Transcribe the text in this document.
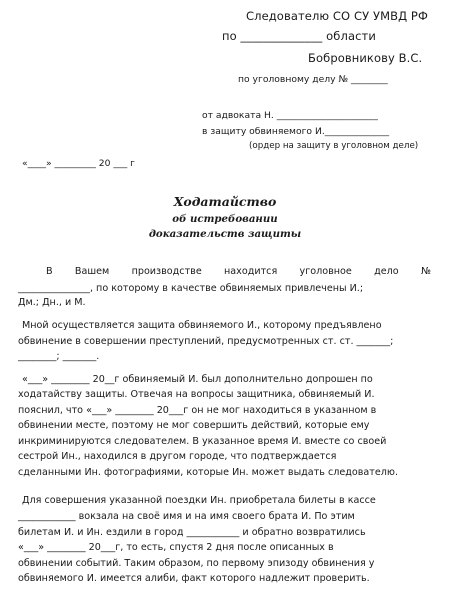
Следователю СО СУ УМВД РФ
по ______________ области
Бобровникову В.С.
по уголовному делу № ________
от адвоката Н. ______________________
в защиту обвиняемого И.______________
(ордер на защиту в уголовном деле)
«____» _________ 20 ___ г
Ходатайство
об истребовании
доказательств защиты
В Вашем производстве находится уголовное дело №
_______________, по которому в качестве обвиняемых привлечены И.;
Дм.; Дн., и М.
Мной осуществляется защита обвиняемого И., которому предъявлено
обвинение в совершении преступлений, предусмотренных ст. ст. _______;
________; _______.
«___» ________ 20__г обвиняемый И. был дополнительно допрошен по
ходатайству защиты. Отвечая на вопросы защитника, обвиняемый И.
пояснил, что «___» ________ 20___г он не мог находиться в указанном в
обвинении месте, поэтому не мог совершить действий, которые ему
инкриминируются следователем. В указанное время И. вместе со своей
сестрой Ин., находился в другом городе, что подтверждается
сделанными Ин. фотографиями, которые Ин. может выдать следователю.
Для совершения указанной поездки Ин. приобретала билеты в кассе
____________ вокзала на своё имя и на имя своего брата И. По этим
билетам И. и Ин. ездили в город ___________ и обратно возвратились
«___» ________ 20___г, то есть, спустя 2 дня после описанных в
обвинении событий. Таким образом, по первому эпизоду обвинения у
обвиняемого И. имеется алиби, факт которого надлежит проверить.
